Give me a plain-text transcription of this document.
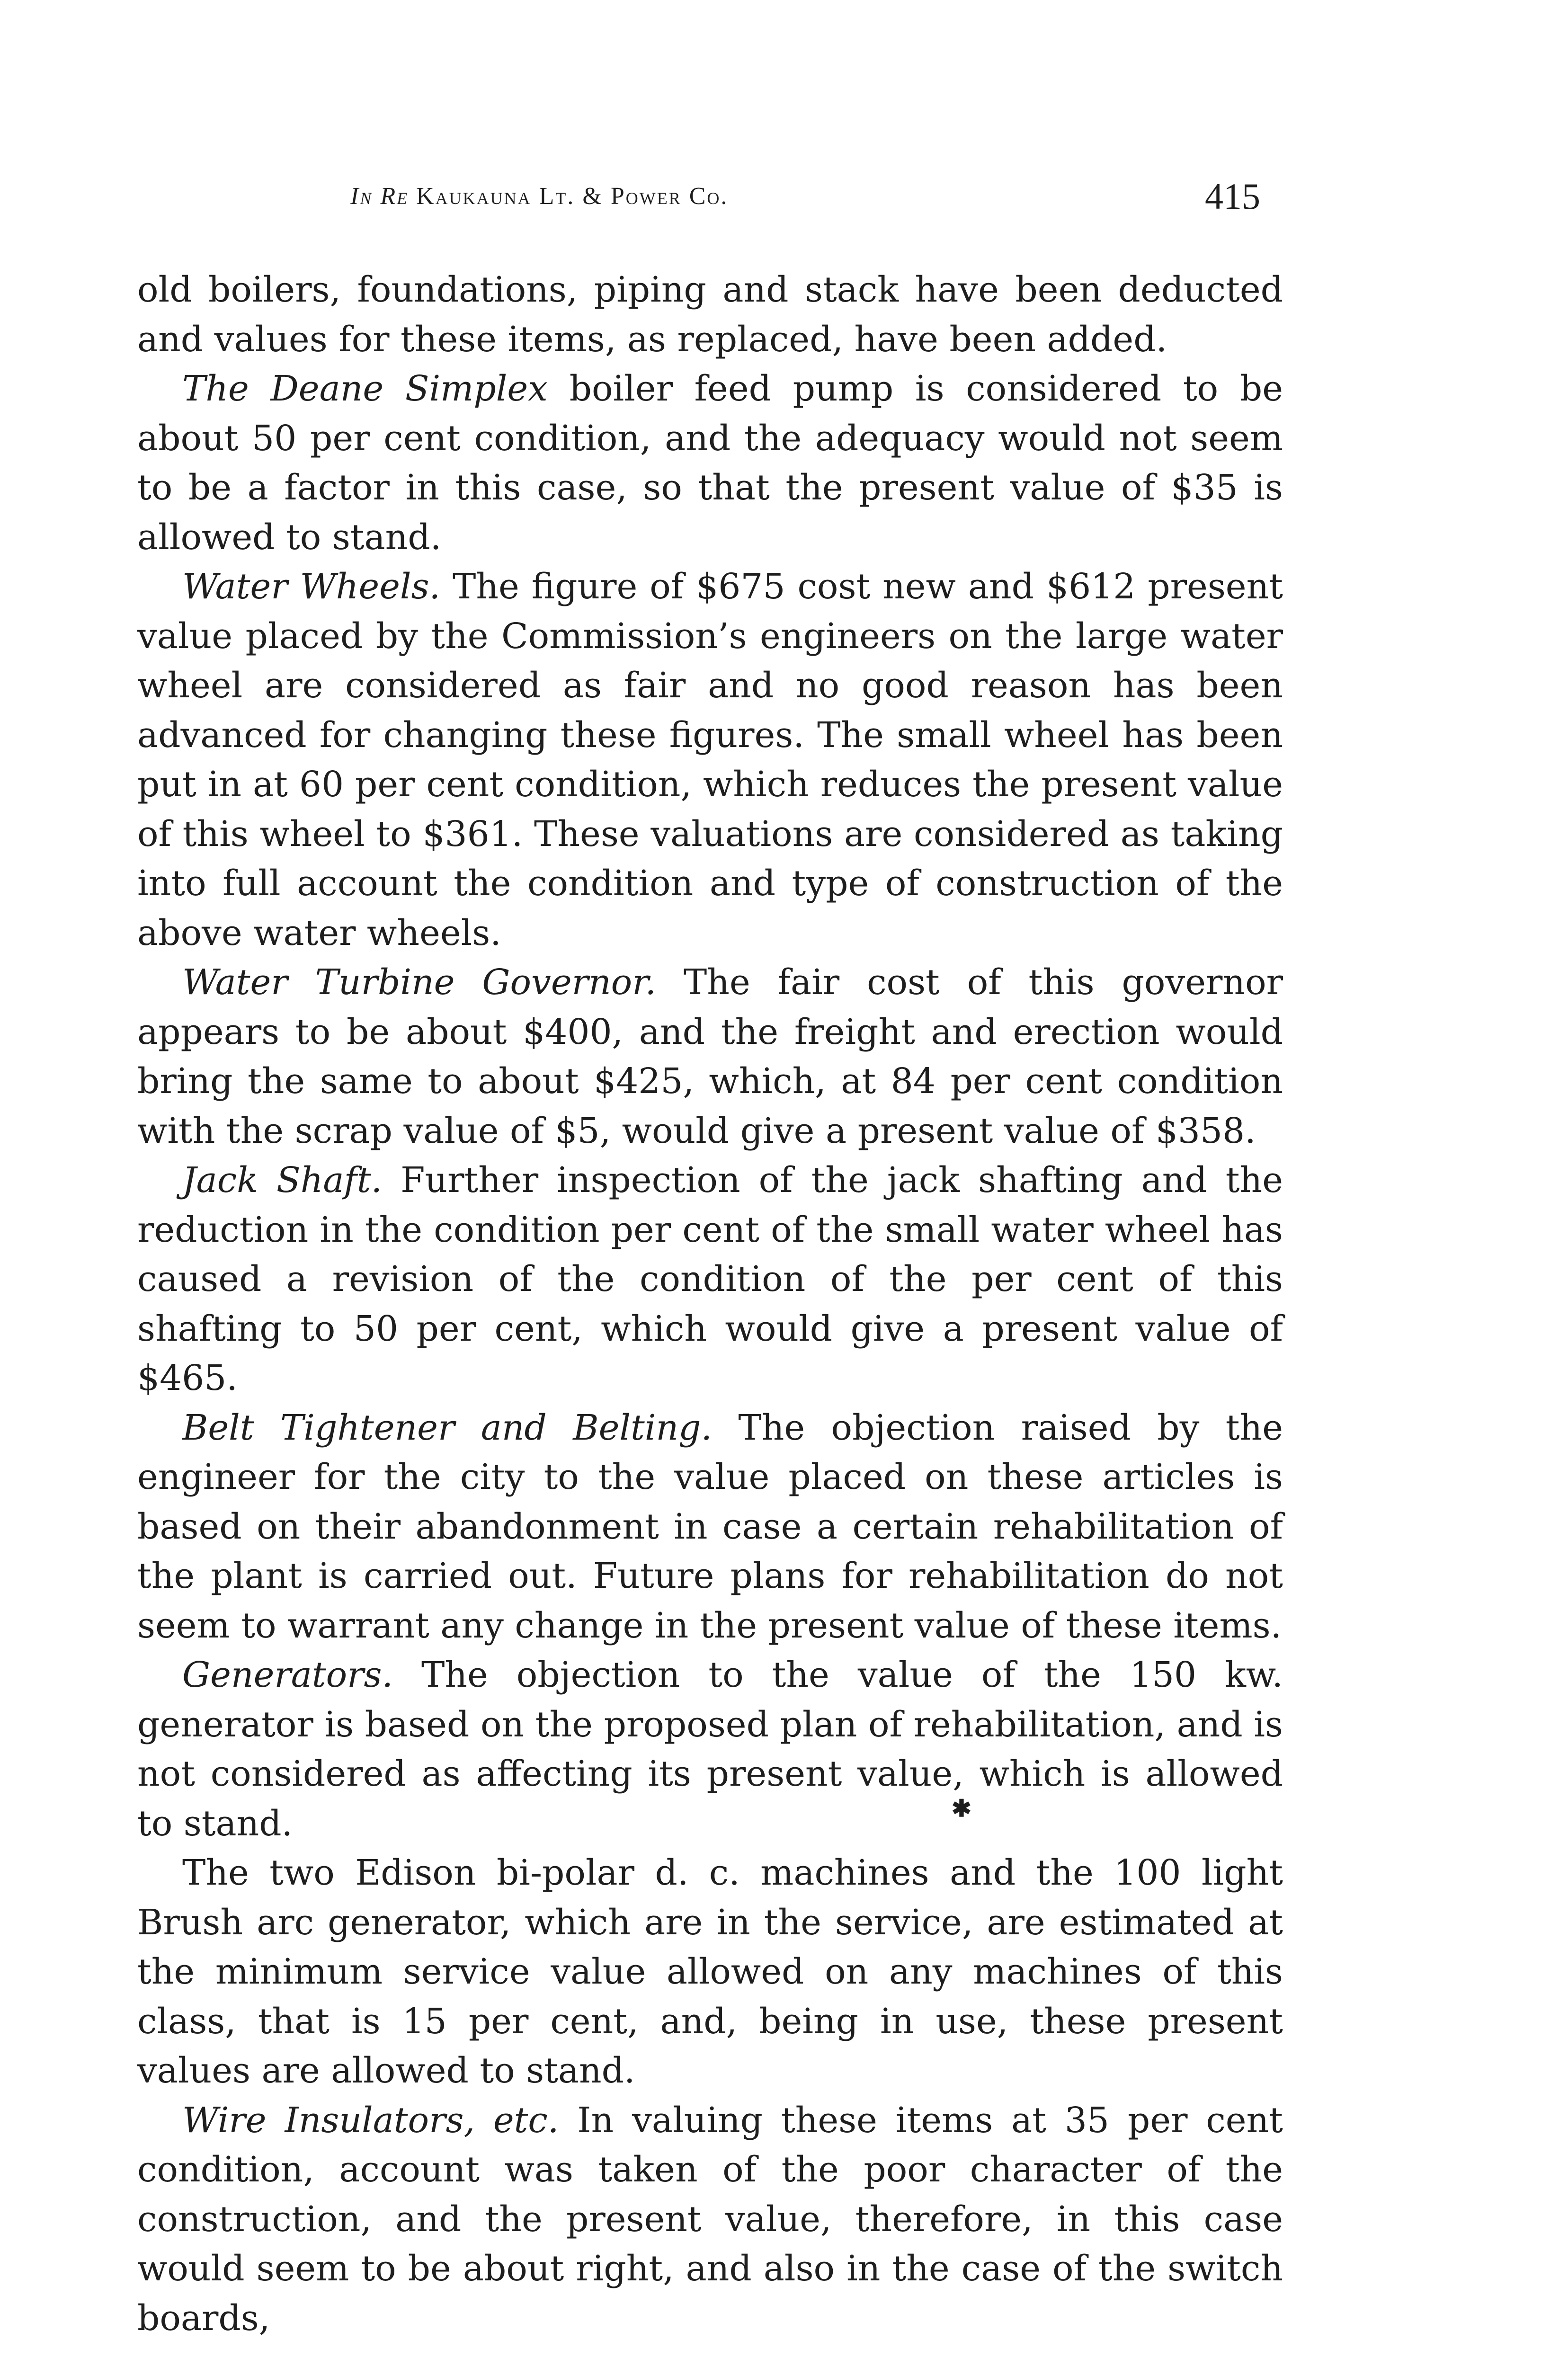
In Re Kaukauna Lt. & Power Co.	415

old boilers, foundations, piping and stack have been deducted and values for these items, as replaced, have been added.

The Deane Simplex boiler feed pump is considered to be about 50 per cent condition, and the adequacy would not seem to be a factor in this case, so that the present value of $35 is allowed to stand.

Water Wheels. The figure of $675 cost new and $612 present value placed by the Commission’s engineers on the large water wheel are considered as fair and no good reason has been advanced for changing these figures. The small wheel has been put in at 60 per cent condition, which reduces the present value of this wheel to $361. These valuations are considered as taking into full account the condition and type of construction of the above water wheels.

Water Turbine Governor. The fair cost of this governor appears to be about $400, and the freight and erection would bring the same to about $425, which, at 84 per cent condition with the scrap value of $5, would give a present value of $358.

Jack Shaft. Further inspection of the jack shafting and the reduction in the condition per cent of the small water wheel has caused a revision of the condition of the per cent of this shafting to 50 per cent, which would give a present value of $465.

Belt Tightener and Belting. The objection raised by the engineer for the city to the value placed on these articles is based on their abandonment in case a certain rehabilitation of the plant is carried out. Future plans for rehabilitation do not seem to warrant any change in the present value of these items.

Generators. The objection to the value of the 150 kw. generator is based on the proposed plan of rehabilitation, and is not considered as affecting its present value, which is allowed to stand.

The two Edison bi-polar d. c. machines and the 100 light Brush arc generator, which are in the service, are estimated at the minimum service value allowed on any machines of this class, that is 15 per cent, and, being in use, these present values are allowed to stand.

Wire Insulators, etc. In valuing these items at 35 per cent condition, account was taken of the poor character of the construction, and the present value, therefore, in this case would seem to be about right, and also in the case of the switch boards,

✱
